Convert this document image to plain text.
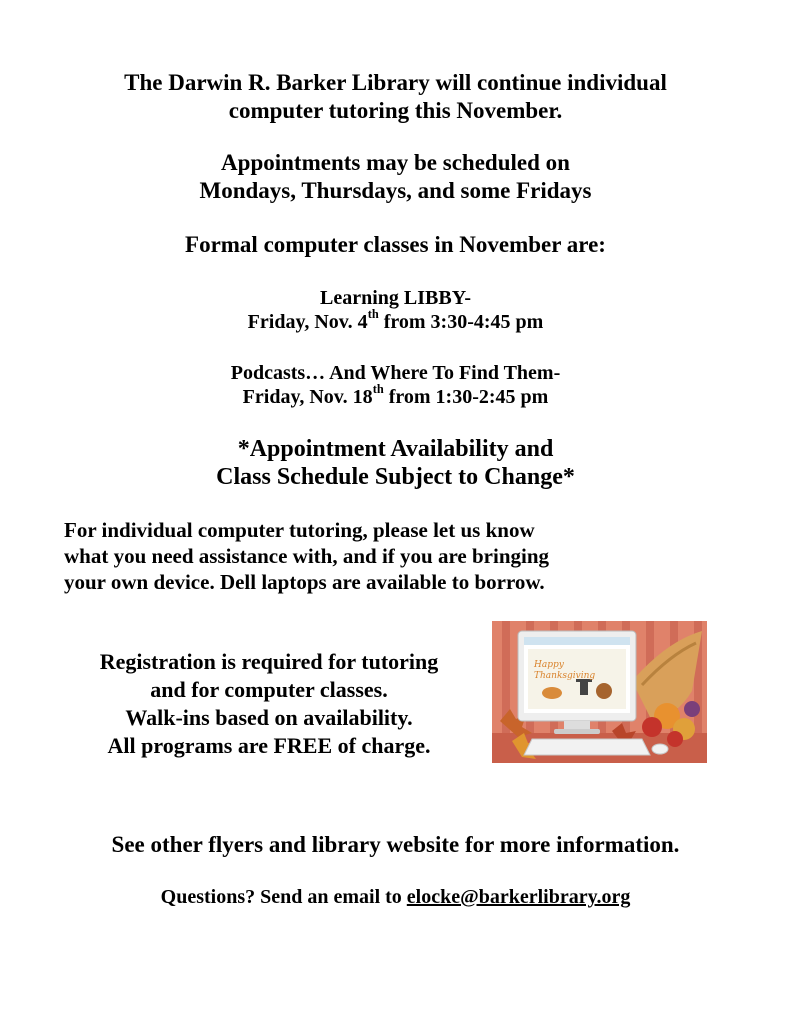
The Darwin R. Barker Library will continue individual
computer tutoring this November.
Appointments may be scheduled on
Mondays, Thursdays, and some Fridays
Formal computer classes in November are:
Learning LIBBY-
Friday, Nov. 4th from 3:30-4:45 pm
Podcasts… And Where To Find Them-
Friday, Nov. 18th from 1:30-2:45 pm
*Appointment Availability and
Class Schedule Subject to Change*
For individual computer tutoring, please let us know
what you need assistance with, and if you are bringing
your own device. Dell laptops are available to borrow.
Registration is required for tutoring
and for computer classes.
Walk-ins based on availability.
All programs are FREE of charge.
Happy
Thanksgiving
See other flyers and library website for more information.
Questions? Send an email to elocke@barkerlibrary.org
